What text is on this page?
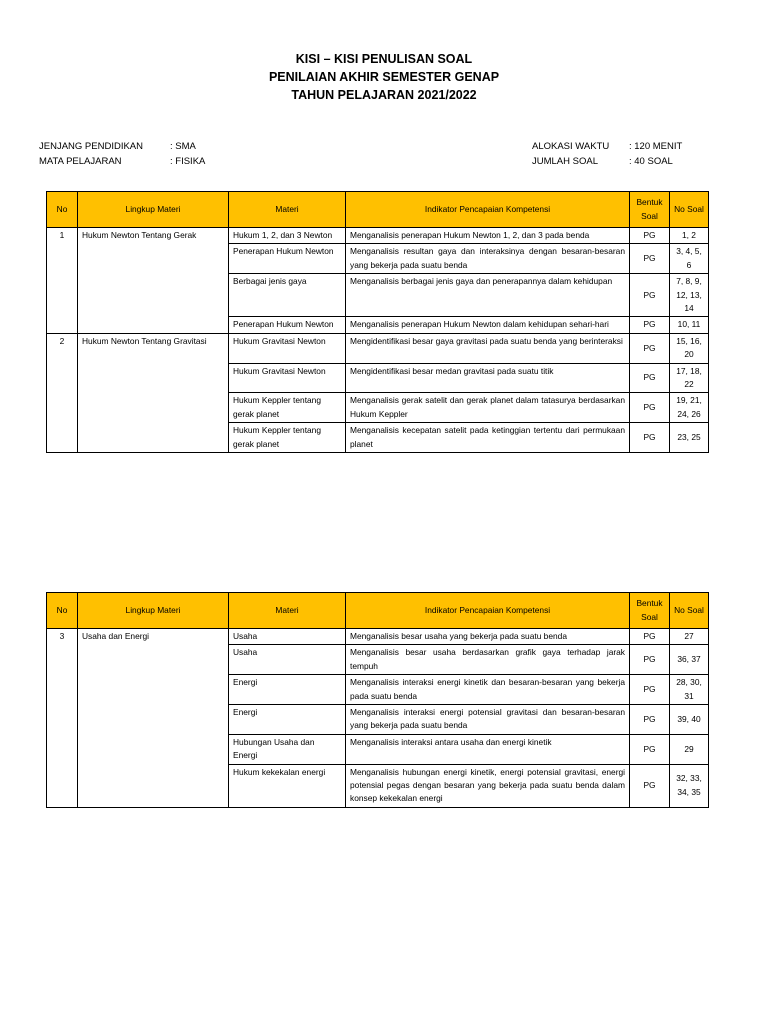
KISI – KISI PENULISAN SOAL
PENILAIAN AKHIR SEMESTER GENAP
TAHUN PELAJARAN 2021/2022
JENJANG PENDIDIKAN	: SMA
MATA PELAJARAN	: FISIKA
ALOKASI WAKTU : 120 MENIT
JUMLAH SOAL	: 40 SOAL
No	Lingkup Materi	Materi	Indikator Pencapaian Kompetensi	Bentuk Soal	No Soal
1	Hukum Newton Tentang Gerak	Hukum 1, 2, dan 3 Newton	Menganalisis penerapan Hukum Newton 1, 2, dan 3 pada benda	PG	1, 2
		Penerapan Hukum Newton	Menganalisis resultan gaya dan interaksinya dengan besaran-besaran yang bekerja pada suatu benda	PG	3, 4, 5, 6
		Berbagai jenis gaya	Menganalisis berbagai jenis gaya dan penerapannya dalam kehidupan	PG	7, 8, 9, 12, 13, 14
		Penerapan Hukum Newton	Menganalisis penerapan Hukum Newton dalam kehidupan sehari-hari	PG	10, 11
2	Hukum Newton Tentang Gravitasi	Hukum Gravitasi Newton	Mengidentifikasi besar gaya gravitasi pada suatu benda yang berinteraksi	PG	15, 16, 20
		Hukum Gravitasi Newton	Mengidentifikasi besar medan gravitasi pada suatu titik	PG	17, 18, 22
		Hukum Keppler tentang gerak planet	Menganalisis gerak satelit dan gerak planet dalam tatasurya berdasarkan Hukum Keppler	PG	19, 21, 24, 26
		Hukum Keppler tentang gerak planet	Menganalisis kecepatan satelit pada ketinggian tertentu dari permukaan planet	PG	23, 25
No	Lingkup Materi	Materi	Indikator Pencapaian Kompetensi	Bentuk Soal	No Soal
3	Usaha dan Energi	Usaha	Menganalisis besar usaha yang bekerja pada suatu benda	PG	27
		Usaha	Menganalisis besar usaha berdasarkan grafik gaya terhadap jarak tempuh	PG	36, 37
		Energi	Menganalisis interaksi energi kinetik dan besaran-besaran yang bekerja pada suatu benda	PG	28, 30, 31
		Energi	Menganalisis interaksi energi potensial gravitasi dan besaran-besaran yang bekerja pada suatu benda	PG	39, 40
		Hubungan Usaha dan Energi	Menganalisis interaksi antara usaha dan energi kinetik	PG	29
		Hukum kekekalan energi	Menganalisis hubungan energi kinetik, energi potensial gravitasi, energi potensial pegas dengan besaran yang bekerja pada suatu benda dalam konsep kekekalan energi	PG	32, 33, 34, 35
